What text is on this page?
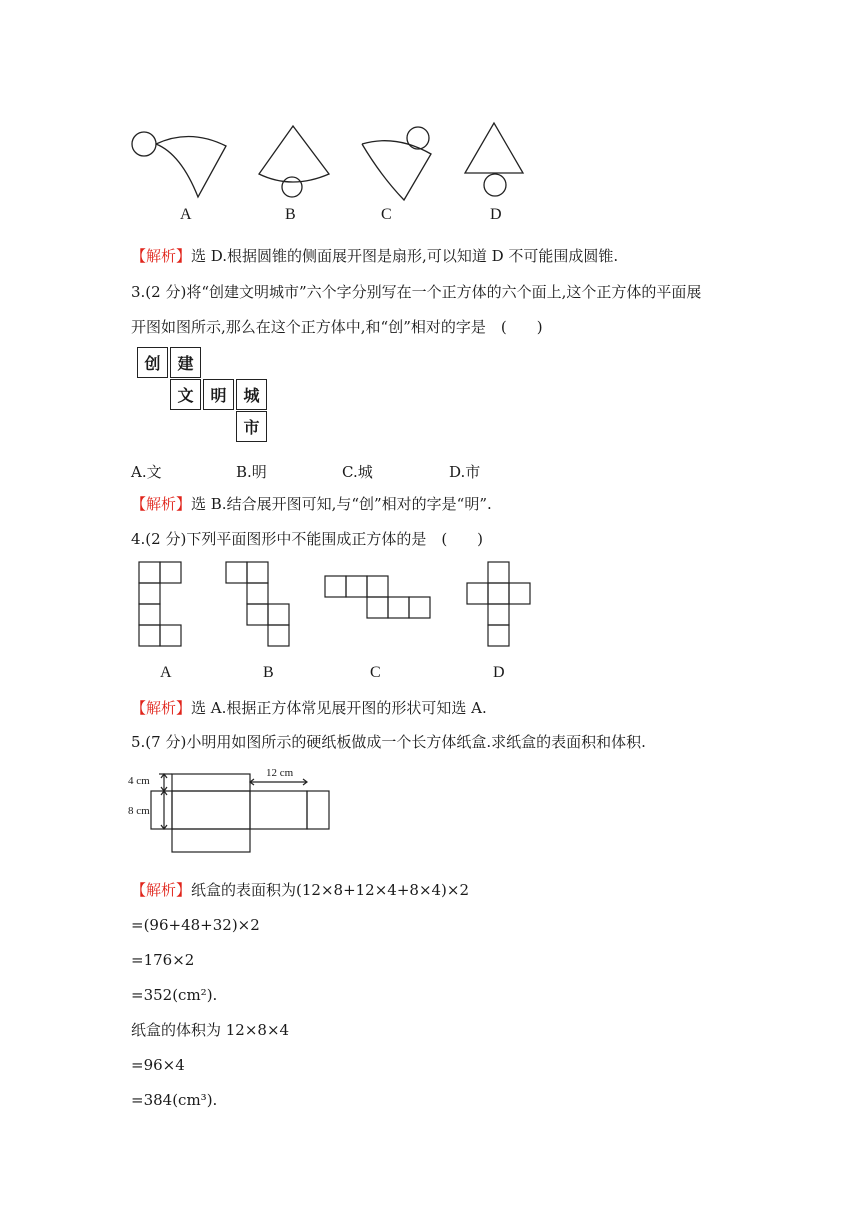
A	B	C	D
【解析】选 D.根据圆锥的侧面展开图是扇形,可以知道 D 不可能围成圆锥.
3.(2 分)将“创建文明城市”六个字分别写在一个正方体的六个面上,这个正方体的平面展
开图如图所示,那么在这个正方体中,和“创”相对的字是　(　　)
创	建
文	明	城
市
A.文	B.明	C.城	D.市
【解析】选 B.结合展开图可知,与“创”相对的字是“明”.
4.(2 分)下列平面图形中不能围成正方体的是　(　　)
A	B	C	D
【解析】选 A.根据正方体常见展开图的形状可知选 A.
5.(7 分)小明用如图所示的硬纸板做成一个长方体纸盒.求纸盒的表面积和体积.
4 cm
8 cm
12 cm
【解析】纸盒的表面积为(12×8+12×4+8×4)×2
=(96+48+32)×2
=176×2
=352(cm²).
纸盒的体积为 12×8×4
=96×4
=384(cm³).
